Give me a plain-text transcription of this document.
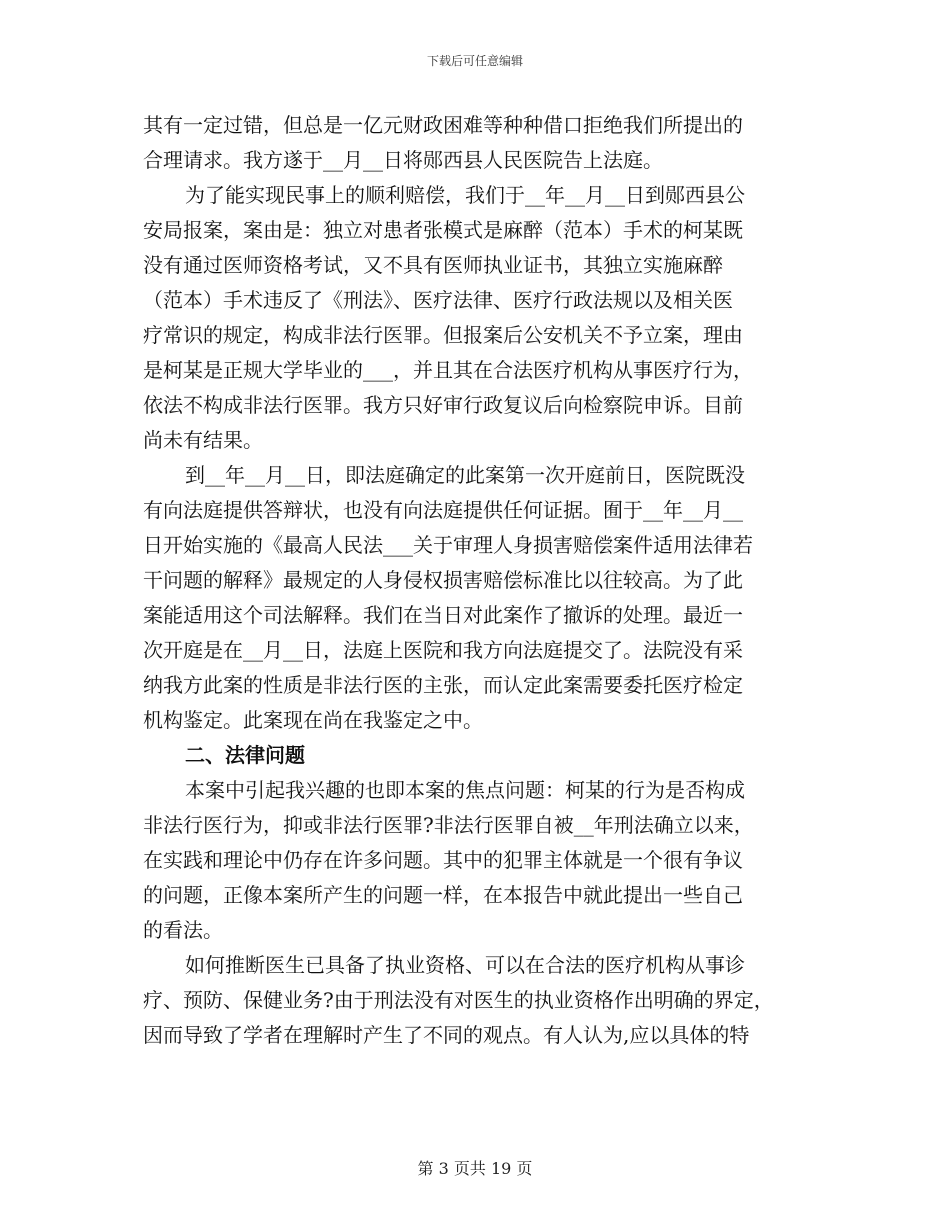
下载后可任意编辑
其有一定过错，但总是一亿元财政困难等种种借口拒绝我们所提出的
合理请求。我方遂于__月__日将郧西县人民医院告上法庭。
为了能实现民事上的顺利赔偿，我们于__年__月__日到郧西县公
安局报案，案由是：独立对患者张模式是麻醉（范本）手术的柯某既
没有通过医师资格考试，又不具有医师执业证书，其独立实施麻醉
（范本）手术违反了《刑法》、医疗法律、医疗行政法规以及相关医
疗常识的规定，构成非法行医罪。但报案后公安机关不予立案，理由
是柯某是正规大学毕业的___，并且其在合法医疗机构从事医疗行为，
依法不构成非法行医罪。我方只好审行政复议后向检察院申诉。目前
尚未有结果。
到__年__月__日，即法庭确定的此案第一次开庭前日，医院既没
有向法庭提供答辩状，也没有向法庭提供任何证据。囿于__年__月__
日开始实施的《最高人民法___关于审理人身损害赔偿案件适用法律若
干问题的解释》最规定的人身侵权损害赔偿标准比以往较高。为了此
案能适用这个司法解释。我们在当日对此案作了撤诉的处理。最近一
次开庭是在__月__日，法庭上医院和我方向法庭提交了。法院没有采
纳我方此案的性质是非法行医的主张，而认定此案需要委托医疗检定
机构鉴定。此案现在尚在我鉴定之中。
二、法律问题
本案中引起我兴趣的也即本案的焦点问题：柯某的行为是否构成
非法行医行为，抑或非法行医罪?非法行医罪自被__年刑法确立以来，
在实践和理论中仍存在许多问题。其中的犯罪主体就是一个很有争议
的问题，正像本案所产生的问题一样，在本报告中就此提出一些自己
的看法。
如何推断医生已具备了执业资格、可以在合法的医疗机构从事诊
疗、预防、保健业务?由于刑法没有对医生的执业资格作出明确的界定，
因而导致了学者在理解时产生了不同的观点。有人认为,应以具体的特
第 3 页共 19 页
